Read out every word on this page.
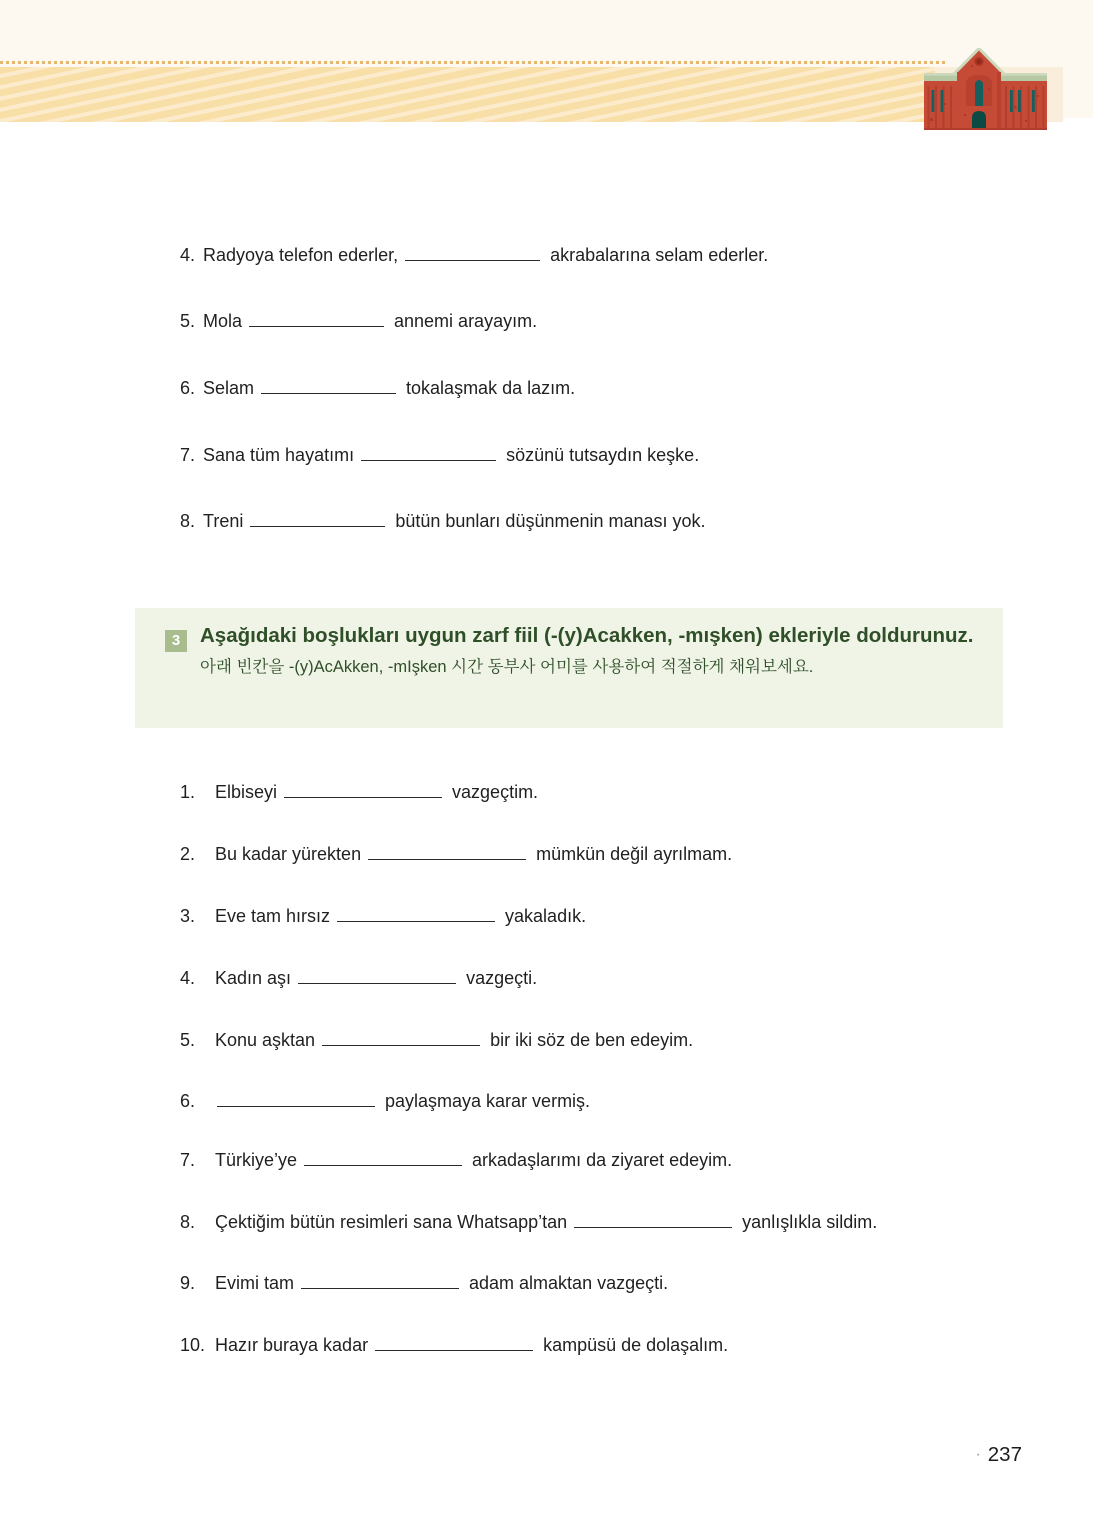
4. Radyoya telefon ederler,	akrabalarına selam ederler.
5. Mola	annemi arayayım.
6. Selam	tokalaşmak da lazım.
7. Sana tüm hayatımı	sözünü tutsaydın keşke.
8. Treni	bütün bunları düşünmenin manası yok.
3 Aşağıdaki boşlukları uygun zarf fiil (-(y)Acakken, -mışken) ekleriyle doldurunuz.
아래 빈칸을 -(y)AcAkken, -mIşken 시간 동부사 어미를 사용하여 적절하게 채워보세요.
1. Elbiseyi	vazgeçtim.
2. Bu kadar yürekten	mümkün değil ayrılmam.
3. Eve tam hırsız	yakaladık.
4. Kadın aşı	vazgeçti.
5. Konu aşktan	bir iki söz de ben edeyim.
6.	paylaşmaya karar vermiş.
7. Türkiye’ye	arkadaşlarımı da ziyaret edeyim.
8. Çektiğim bütün resimleri sana Whatsapp’tan	yanlışlıkla sildim.
9. Evimi tam	adam almaktan vazgeçti.
10. Hazır buraya kadar	kampüsü de dolaşalım.
· 237
